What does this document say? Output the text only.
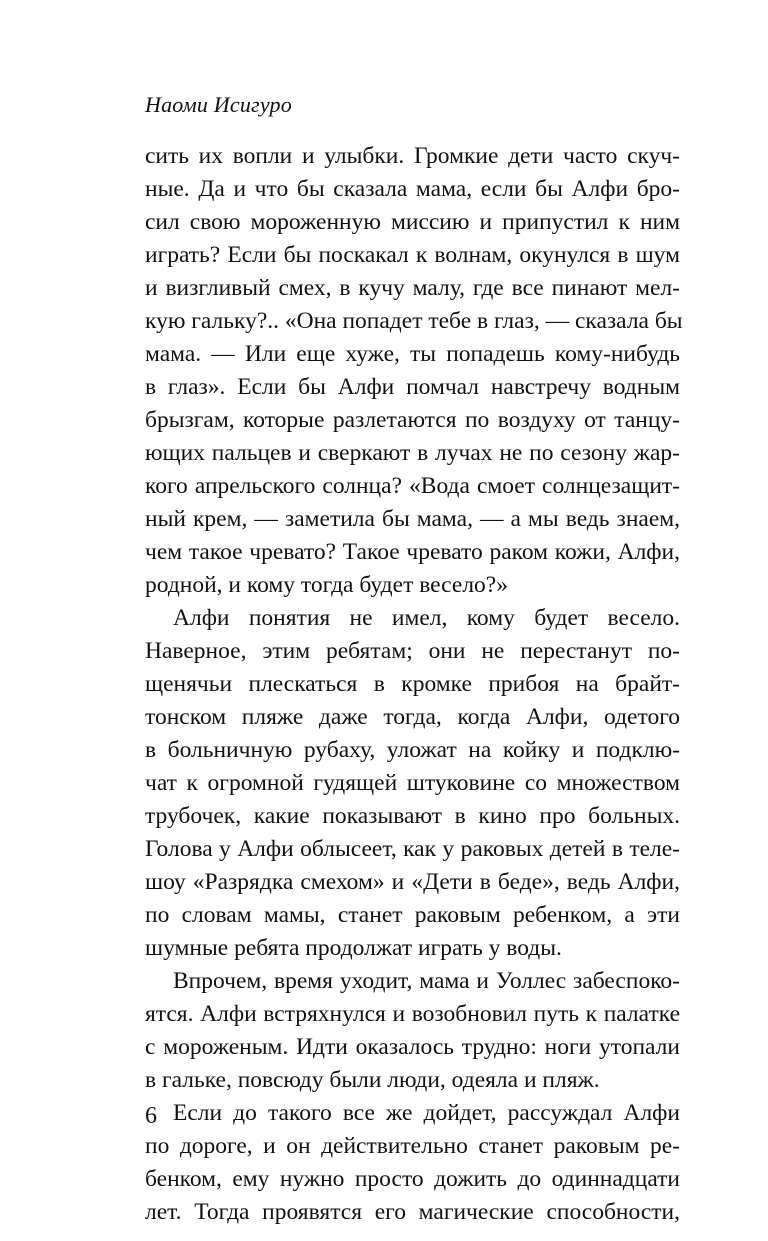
Наоми Исигуро
сить их вопли и улыбки. Громкие дети часто скуч-
ные. Да и что бы сказала мама, если бы Алфи бро-
сил свою мороженную миссию и припустил к ним
играть? Если бы поскакал к волнам, окунулся в шум
и визгливый смех, в кучу малу, где все пинают мел-
кую гальку?.. «Она попадет тебе в глаз, — сказала бы
мама. — Или еще хуже, ты попадешь кому-нибудь
в глаз». Если бы Алфи помчал навстречу водным
брызгам, которые разлетаются по воздуху от танцу-
ющих пальцев и сверкают в лучах не по сезону жар-
кого апрельского солнца? «Вода смоет солнцезащит-
ный крем, — заметила бы мама, — а мы ведь знаем,
чем такое чревато? Такое чревато раком кожи, Алфи,
родной, и кому тогда будет весело?»
Алфи понятия не имел, кому будет весело.
Наверное, этим ребятам; они не перестанут по-
щенячьи плескаться в кромке прибоя на брайт-
тонском пляже даже тогда, когда Алфи, одетого
в больничную рубаху, уложат на койку и подклю-
чат к огромной гудящей штуковине со множеством
трубочек, какие показывают в кино про больных.
Голова у Алфи облысеет, как у раковых детей в теле-
шоу «Разрядка смехом» и «Дети в беде», ведь Алфи,
по словам мамы, станет раковым ребенком, а эти
шумные ребята продолжат играть у воды.
Впрочем, время уходит, мама и Уоллес забеспоко-
ятся. Алфи встряхнулся и возобновил путь к палатке
с мороженым. Идти оказалось трудно: ноги утопали
в гальке, повсюду были люди, одеяла и пляж.
Если до такого все же дойдет, рассуждал Алфи
по дороге, и он действительно станет раковым ре-
бенком, ему нужно просто дожить до одиннадцати
лет. Тогда проявятся его магические способности,
6
